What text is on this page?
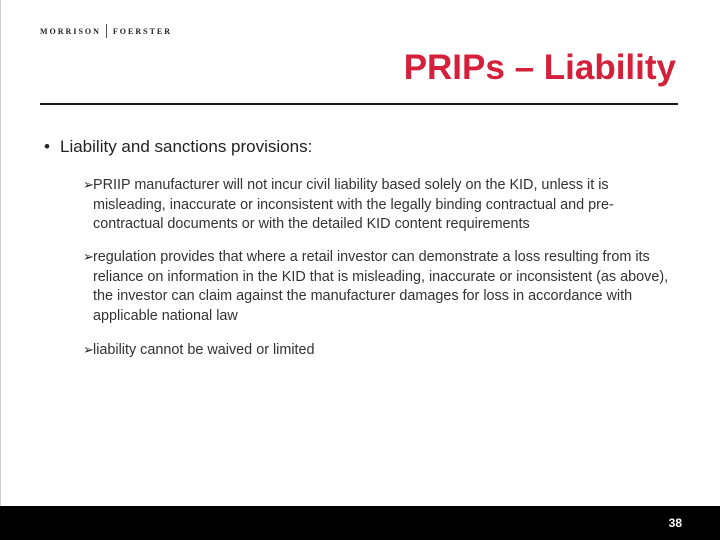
MORRISON FOERSTER
PRIPs – Liability
• Liability and sanctions provisions:
➢ PRIIP manufacturer will not incur civil liability based solely on the KID, unless it is misleading, inaccurate or inconsistent with the legally binding contractual and pre-contractual documents or with the detailed KID content requirements
➢ regulation provides that where a retail investor can demonstrate a loss resulting from its reliance on information in the KID that is misleading, inaccurate or inconsistent (as above), the investor can claim against the manufacturer damages for loss in accordance with applicable national law
➢ liability cannot be waived or limited
38
